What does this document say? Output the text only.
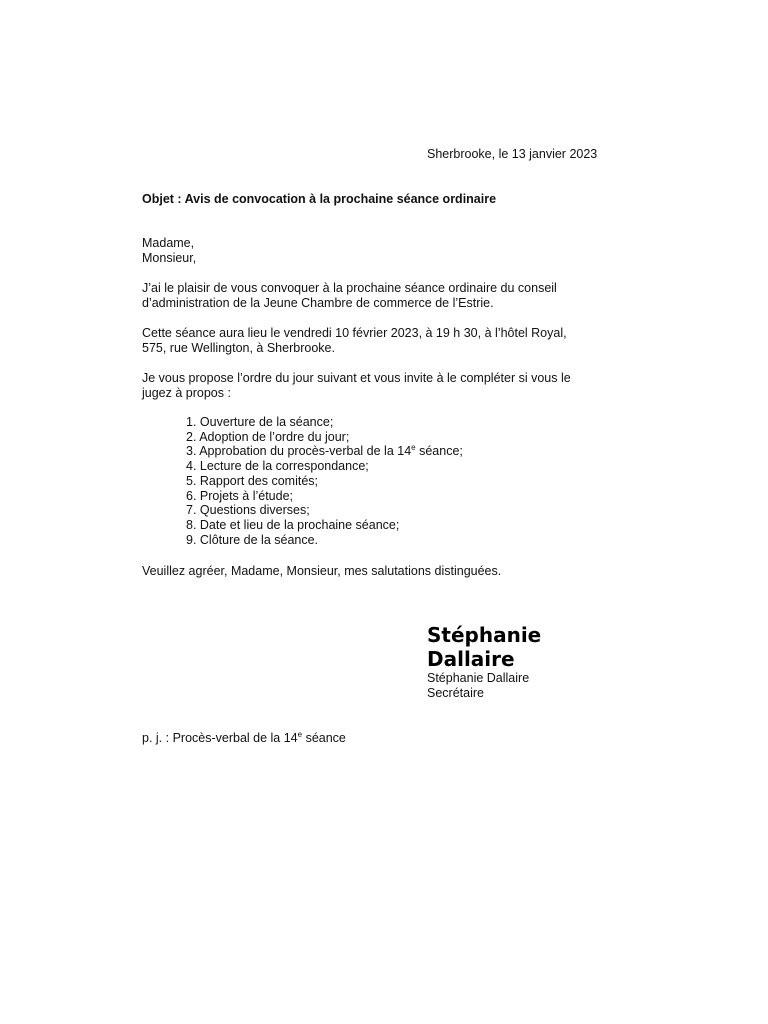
Sherbrooke, le 13 janvier 2023
Objet : Avis de convocation à la prochaine séance ordinaire
Madame,
Monsieur,
J’ai le plaisir de vous convoquer à la prochaine séance ordinaire du conseil
d’administration de la Jeune Chambre de commerce de l’Estrie.
Cette séance aura lieu le vendredi 10 février 2023, à 19 h 30, à l’hôtel Royal,
575, rue Wellington, à Sherbrooke.
Je vous propose l’ordre du jour suivant et vous invite à le compléter si vous le
jugez à propos :
1. Ouverture de la séance;
2. Adoption de l’ordre du jour;
3. Approbation du procès-verbal de la 14e séance;
4. Lecture de la correspondance;
5. Rapport des comités;
6. Projets à l’étude;
7. Questions diverses;
8. Date et lieu de la prochaine séance;
9. Clôture de la séance.
Veuillez agréer, Madame, Monsieur, mes salutations distinguées.
Stéphanie
Dallaire
Stéphanie Dallaire
Secrétaire
p. j. : Procès-verbal de la 14e séance
